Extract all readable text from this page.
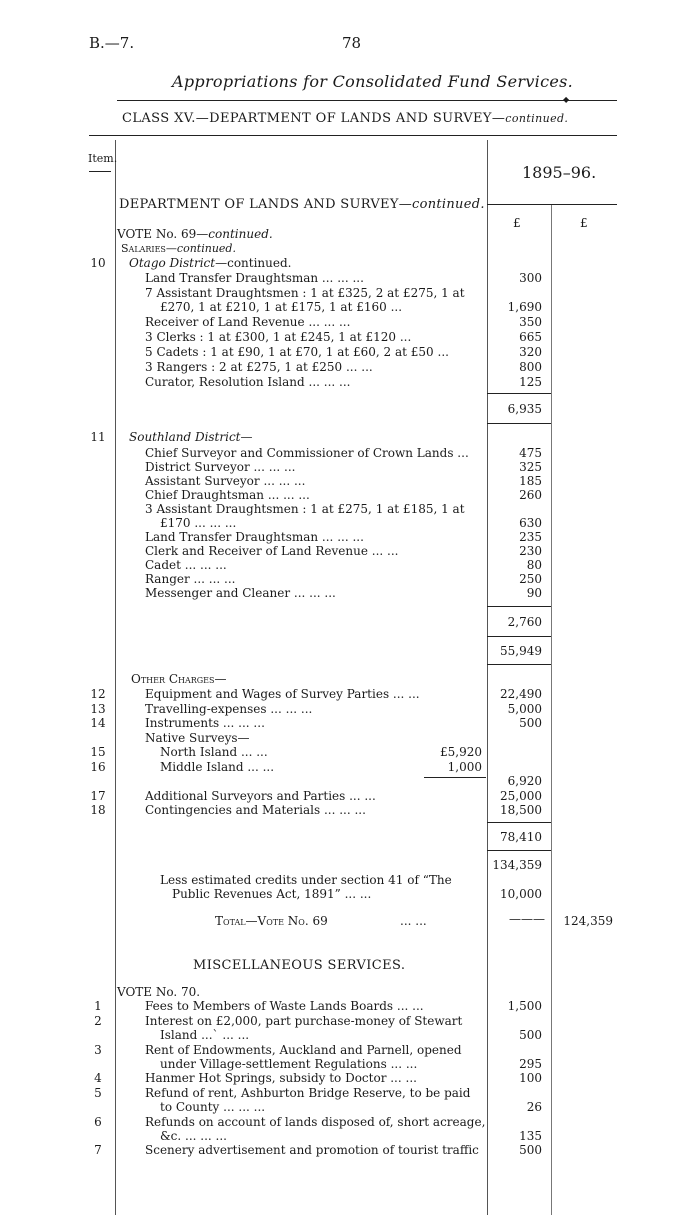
B.—7.	78
Appropriations for Consolidated Fund Services.
◆
CLASS XV.—DEPARTMENT OF LANDS AND SURVEY—continued.
Item.
1895–96.
£	£
DEPARTMENT OF LANDS AND SURVEY—continued.
VOTE No. 69—continued.
Salaries—continued.
10	Otago District—continued.
Land Transfer Draughtsman ... ... ...	300
7 Assistant Draughtsmen : 1 at £325, 2 at £275, 1 at
£270, 1 at £210, 1 at £175, 1 at £160 ...	1,690
Receiver of Land Revenue ... ... ...	350
3 Clerks : 1 at £300, 1 at £245, 1 at £120 ...	665
5 Cadets : 1 at £90, 1 at £70, 1 at £60, 2 at £50 ...	320
3 Rangers : 2 at £275, 1 at £250 ... ...	800
Curator, Resolution Island ... ... ...	125
6,935
11	Southland District—
Chief Surveyor and Commissioner of Crown Lands ...	475
District Surveyor ... ... ...	325
Assistant Surveyor ... ... ...	185
Chief Draughtsman ... ... ...	260
3 Assistant Draughtsmen : 1 at £275, 1 at £185, 1 at
£170 ... ... ...	630
Land Transfer Draughtsman ... ... ...	235
Clerk and Receiver of Land Revenue ... ...	230
Cadet ... ... ...	80
Ranger ... ... ...	250
Messenger and Cleaner ... ... ...	90
2,760
55,949
Other Charges—
12	Equipment and Wages of Survey Parties ... ...	22,490
13	Travelling-expenses ... ... ...	5,000
14	Instruments ... ... ...	500
Native Surveys—
15	North Island ... ...	£5,920
16	Middle Island ... ...	1,000
6,920
17	Additional Surveyors and Parties ... ...	25,000
18	Contingencies and Materials ... ... ...	18,500
78,410
134,359
Less estimated credits under section 41 of “The
Public Revenues Act, 1891” ... ...	10,000
Total—Vote No. 69	... ...	———	124,359
MISCELLANEOUS SERVICES.
VOTE No. 70.
1	Fees to Members of Waste Lands Boards ... ...	1,500
2	Interest on £2,000, part purchase-money of Stewart
Island ...` ... ...	500
3	Rent of Endowments, Auckland and Parnell, opened
under Village-settlement Regulations ... ...	295
4	Hanmer Hot Springs, subsidy to Doctor ... ...	100
5	Refund of rent, Ashburton Bridge Reserve, to be paid
to County ... ... ...	26
6	Refunds on account of lands disposed of, short acreage,
&c. ... ... ...	135
7	Scenery advertisement and promotion of tourist traffic	500
